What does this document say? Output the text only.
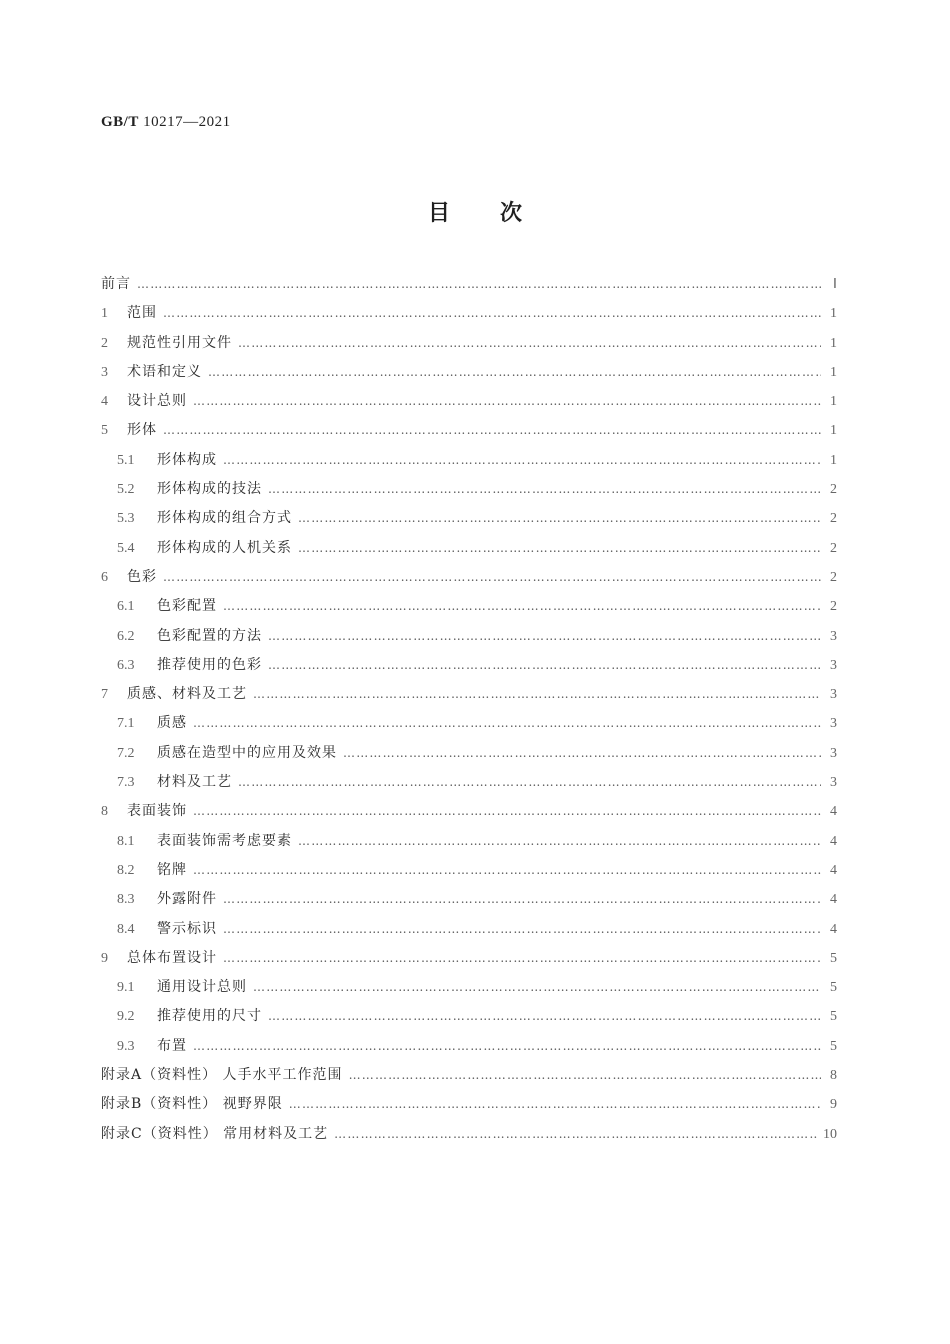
GB/T 10217—2021
目次
前言 ………………………………………………………………………………………………………………………………………………………………………………………………………………………………………………	Ⅰ
1	范围 ………………………………………………………………………………………………………………………………………………………………………………………………………………………………………………	1
2	规范性引用文件 ………………………………………………………………………………………………………………………………………………………………………………………………………………………………………………	1
3	术语和定义 ………………………………………………………………………………………………………………………………………………………………………………………………………………………………………………	1
4	设计总则 ………………………………………………………………………………………………………………………………………………………………………………………………………………………………………………	1
5	形体 ………………………………………………………………………………………………………………………………………………………………………………………………………………………………………………	1
5.1	形体构成 ………………………………………………………………………………………………………………………………………………………………………………………………………………………………………………	1
5.2	形体构成的技法 ………………………………………………………………………………………………………………………………………………………………………………………………………………………………………………	2
5.3	形体构成的组合方式 ………………………………………………………………………………………………………………………………………………………………………………………………………………………………………………	2
5.4	形体构成的人机关系 ………………………………………………………………………………………………………………………………………………………………………………………………………………………………………………	2
6	色彩 ………………………………………………………………………………………………………………………………………………………………………………………………………………………………………………	2
6.1	色彩配置 ………………………………………………………………………………………………………………………………………………………………………………………………………………………………………………	2
6.2	色彩配置的方法 ………………………………………………………………………………………………………………………………………………………………………………………………………………………………………………	3
6.3	推荐使用的色彩 ………………………………………………………………………………………………………………………………………………………………………………………………………………………………………………	3
7	质感、材料及工艺 ………………………………………………………………………………………………………………………………………………………………………………………………………………………………………………	3
7.1	质感 ………………………………………………………………………………………………………………………………………………………………………………………………………………………………………………	3
7.2	质感在造型中的应用及效果 ………………………………………………………………………………………………………………………………………………………………………………………………………………………………………………	3
7.3	材料及工艺 ………………………………………………………………………………………………………………………………………………………………………………………………………………………………………………	3
8	表面装饰 ………………………………………………………………………………………………………………………………………………………………………………………………………………………………………………	4
8.1	表面装饰需考虑要素 ………………………………………………………………………………………………………………………………………………………………………………………………………………………………………………	4
8.2	铭牌 ………………………………………………………………………………………………………………………………………………………………………………………………………………………………………………	4
8.3	外露附件 ………………………………………………………………………………………………………………………………………………………………………………………………………………………………………………	4
8.4	警示标识 ………………………………………………………………………………………………………………………………………………………………………………………………………………………………………………	4
9	总体布置设计 ………………………………………………………………………………………………………………………………………………………………………………………………………………………………………………	5
9.1	通用设计总则 ………………………………………………………………………………………………………………………………………………………………………………………………………………………………………………	5
9.2	推荐使用的尺寸 ………………………………………………………………………………………………………………………………………………………………………………………………………………………………………………	5
9.3	布置 ………………………………………………………………………………………………………………………………………………………………………………………………………………………………………………	5
附录A（资料性） 人手水平工作范围 ………………………………………………………………………………………………………………………………………………………………………………………………………………………………………………	8
附录B（资料性） 视野界限 ………………………………………………………………………………………………………………………………………………………………………………………………………………………………………………	9
附录C（资料性） 常用材料及工艺 ………………………………………………………………………………………………………………………………………………………………………………………………………………………………………………	10
